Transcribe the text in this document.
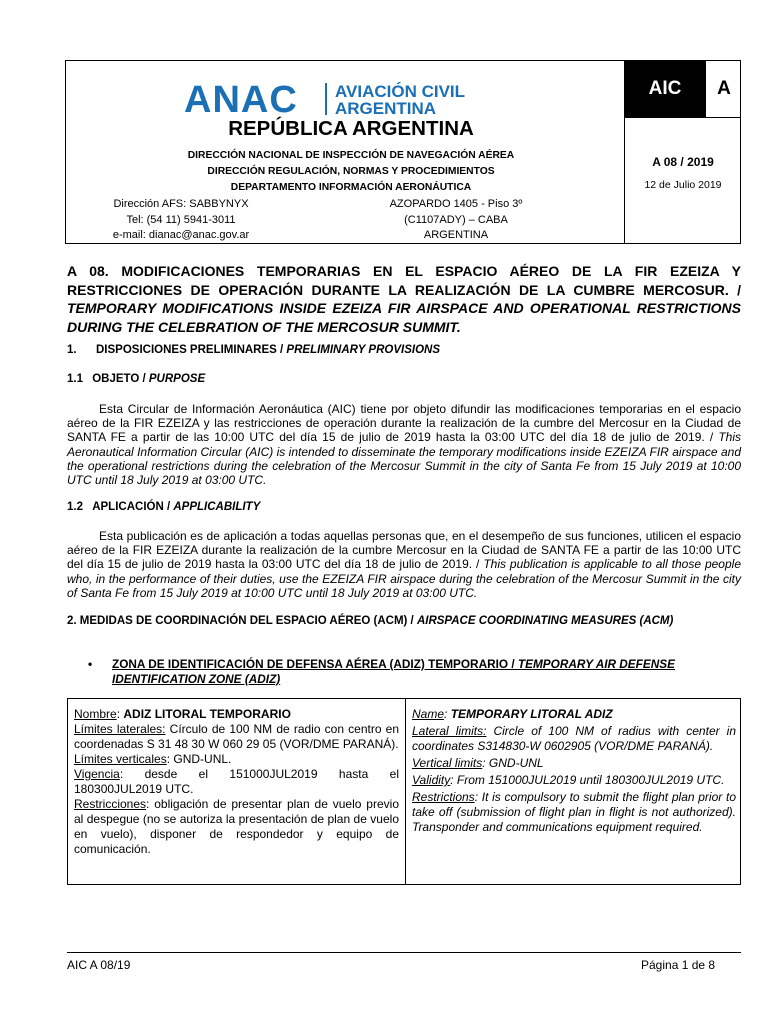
ANAC AVIACIÓN CIVIL
ARGENTINA
REPÚBLICA ARGENTINA
DIRECCIÓN NACIONAL DE INSPECCIÓN DE NAVEGACIÓN AÉREA
DIRECCIÓN REGULACIÓN, NORMAS Y PROCEDIMIENTOS
DEPARTAMENTO INFORMACIÓN AERONÁUTICA
Dirección AFS: SABBYNYX
Tel: (54 11) 5941-3011
e-mail: dianac@anac.gov.ar
AZOPARDO 1405 - Piso 3º
(C1107ADY) – CABA
ARGENTINA
AIC	A
A 08 / 2019
12 de Julio 2019
A 08. MODIFICACIONES TEMPORARIAS EN EL ESPACIO AÉREO DE LA FIR EZEIZA Y RESTRICCIONES DE OPERACIÓN DURANTE LA REALIZACIÓN DE LA CUMBRE MERCOSUR. / TEMPORARY MODIFICATIONS INSIDE EZEIZA FIR AIRSPACE AND OPERATIONAL RESTRICTIONS DURING THE CELEBRATION OF THE MERCOSUR SUMMIT.
1. DISPOSICIONES PRELIMINARES / PRELIMINARY PROVISIONS
1.1 OBJETO / PURPOSE
Esta Circular de Información Aeronáutica (AIC) tiene por objeto difundir las modificaciones temporarias en el espacio aéreo de la FIR EZEIZA y las restricciones de operación durante la realización de la cumbre del Mercosur en la Ciudad de SANTA FE a partir de las 10:00 UTC del día 15 de julio de 2019 hasta la 03:00 UTC del día 18 de julio de 2019. / This Aeronautical Information Circular (AIC) is intended to disseminate the temporary modifications inside EZEIZA FIR airspace and the operational restrictions during the celebration of the Mercosur Summit in the city of Santa Fe from 15 July 2019 at 10:00 UTC until 18 July 2019 at 03:00 UTC.
1.2 APLICACIÓN / APPLICABILITY
Esta publicación es de aplicación a todas aquellas personas que, en el desempeño de sus funciones, utilicen el espacio aéreo de la FIR EZEIZA durante la realización de la cumbre Mercosur en la Ciudad de SANTA FE a partir de las 10:00 UTC del día 15 de julio de 2019 hasta la 03:00 UTC del día 18 de julio de 2019. / This publication is applicable to all those people who, in the performance of their duties, use the EZEIZA FIR airspace during the celebration of the Mercosur Summit in the city of Santa Fe from 15 July 2019 at 10:00 UTC until 18 July 2019 at 03:00 UTC.
2. MEDIDAS DE COORDINACIÓN DEL ESPACIO AÉREO (ACM) / AIRSPACE COORDINATING MEASURES (ACM)
• ZONA DE IDENTIFICACIÓN DE DEFENSA AÉREA (ADIZ) TEMPORARIO / TEMPORARY AIR DEFENSE IDENTIFICATION ZONE (ADIZ)

Nombre: ADIZ LITORAL TEMPORARIO

Límites laterales: Círculo de 100 NM de radio con centro en coordenadas S 31 48 30 W 060 29 05 (VOR/DME PARANÁ).

Límites verticales: GND-UNL.

Vigencia: desde el 151000JUL2019 hasta el 180300JUL2019 UTC.

Restricciones: obligación de presentar plan de vuelo previo al despegue (no se autoriza la presentación de plan de vuelo en vuelo), disponer de respondedor y equipo de comunicación.

Name: TEMPORARY LITORAL ADIZ

Lateral limits: Circle of 100 NM of radius with center in coordinates S314830-W 0602905 (VOR/DME PARANÁ).

Vertical limits: GND-UNL

Validity: From 151000JUL2019 until 180300JUL2019 UTC.

Restrictions: It is compulsory to submit the flight plan prior to take off (submission of flight plan in flight is not authorized). Transponder and communications equipment required.

AIC A 08/19	Página 1 de 8
